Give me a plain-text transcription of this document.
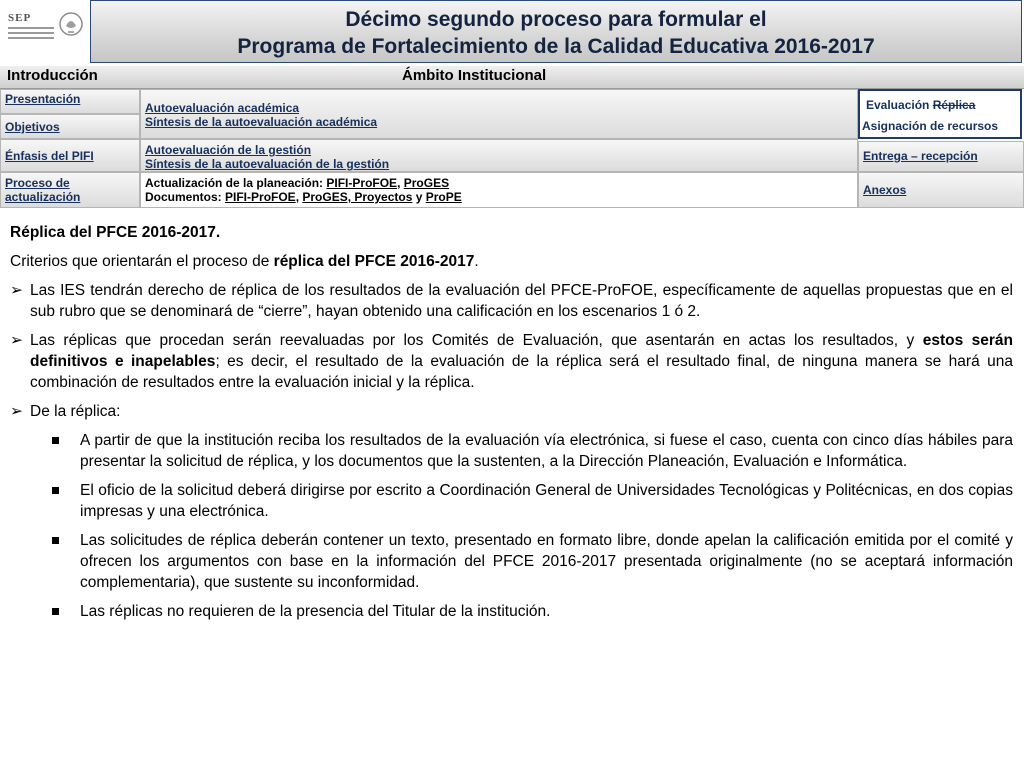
SEP	Décimo segundo proceso para formular el
Programa de Fortalecimiento de la Calidad Educativa 2016-2017
Introducción	Ámbito Institucional
Presentación
Objetivos
Énfasis del PIFI
Proceso de actualización
Autoevaluación académica
Síntesis de la autoevaluación académica
Autoevaluación de la gestión
Síntesis de la autoevaluación de la gestión
Actualización de la planeación: PIFI-ProFOE, ProGES
Documentos: PIFI-ProFOE, ProGES, Proyectos y ProPE
Evaluación Réplica
Asignación de recursos
Entrega – recepción
Anexos
Réplica del PFCE 2016-2017.
Criterios que orientarán el proceso de réplica del PFCE 2016-2017.
➢ Las IES tendrán derecho de réplica de los resultados de la evaluación del PFCE-ProFOE, específicamente de aquellas propuestas que en el sub rubro que se denominará de “cierre”, hayan obtenido una calificación en los escenarios 1 ó 2.
➢ Las réplicas que procedan serán reevaluadas por los Comités de Evaluación, que asentarán en actas los resultados, y estos serán definitivos e inapelables; es decir, el resultado de la evaluación de la réplica será el resultado final, de ninguna manera se hará una combinación de resultados entre la evaluación inicial y la réplica.
➢ De la réplica:
A partir de que la institución reciba los resultados de la evaluación vía electrónica, si fuese el caso, cuenta con cinco días hábiles para presentar la solicitud de réplica, y los documentos que la sustenten, a la Dirección Planeación, Evaluación e Informática.
El oficio de la solicitud deberá dirigirse por escrito a Coordinación General de Universidades Tecnológicas y Politécnicas, en dos copias impresas y una electrónica.
Las solicitudes de réplica deberán contener un texto, presentado en formato libre, donde apelan la calificación emitida por el comité y ofrecen los argumentos con base en la información del PFCE 2016-2017 presentada originalmente (no se aceptará información complementaria), que sustente su inconformidad.
Las réplicas no requieren de la presencia del Titular de la institución.
